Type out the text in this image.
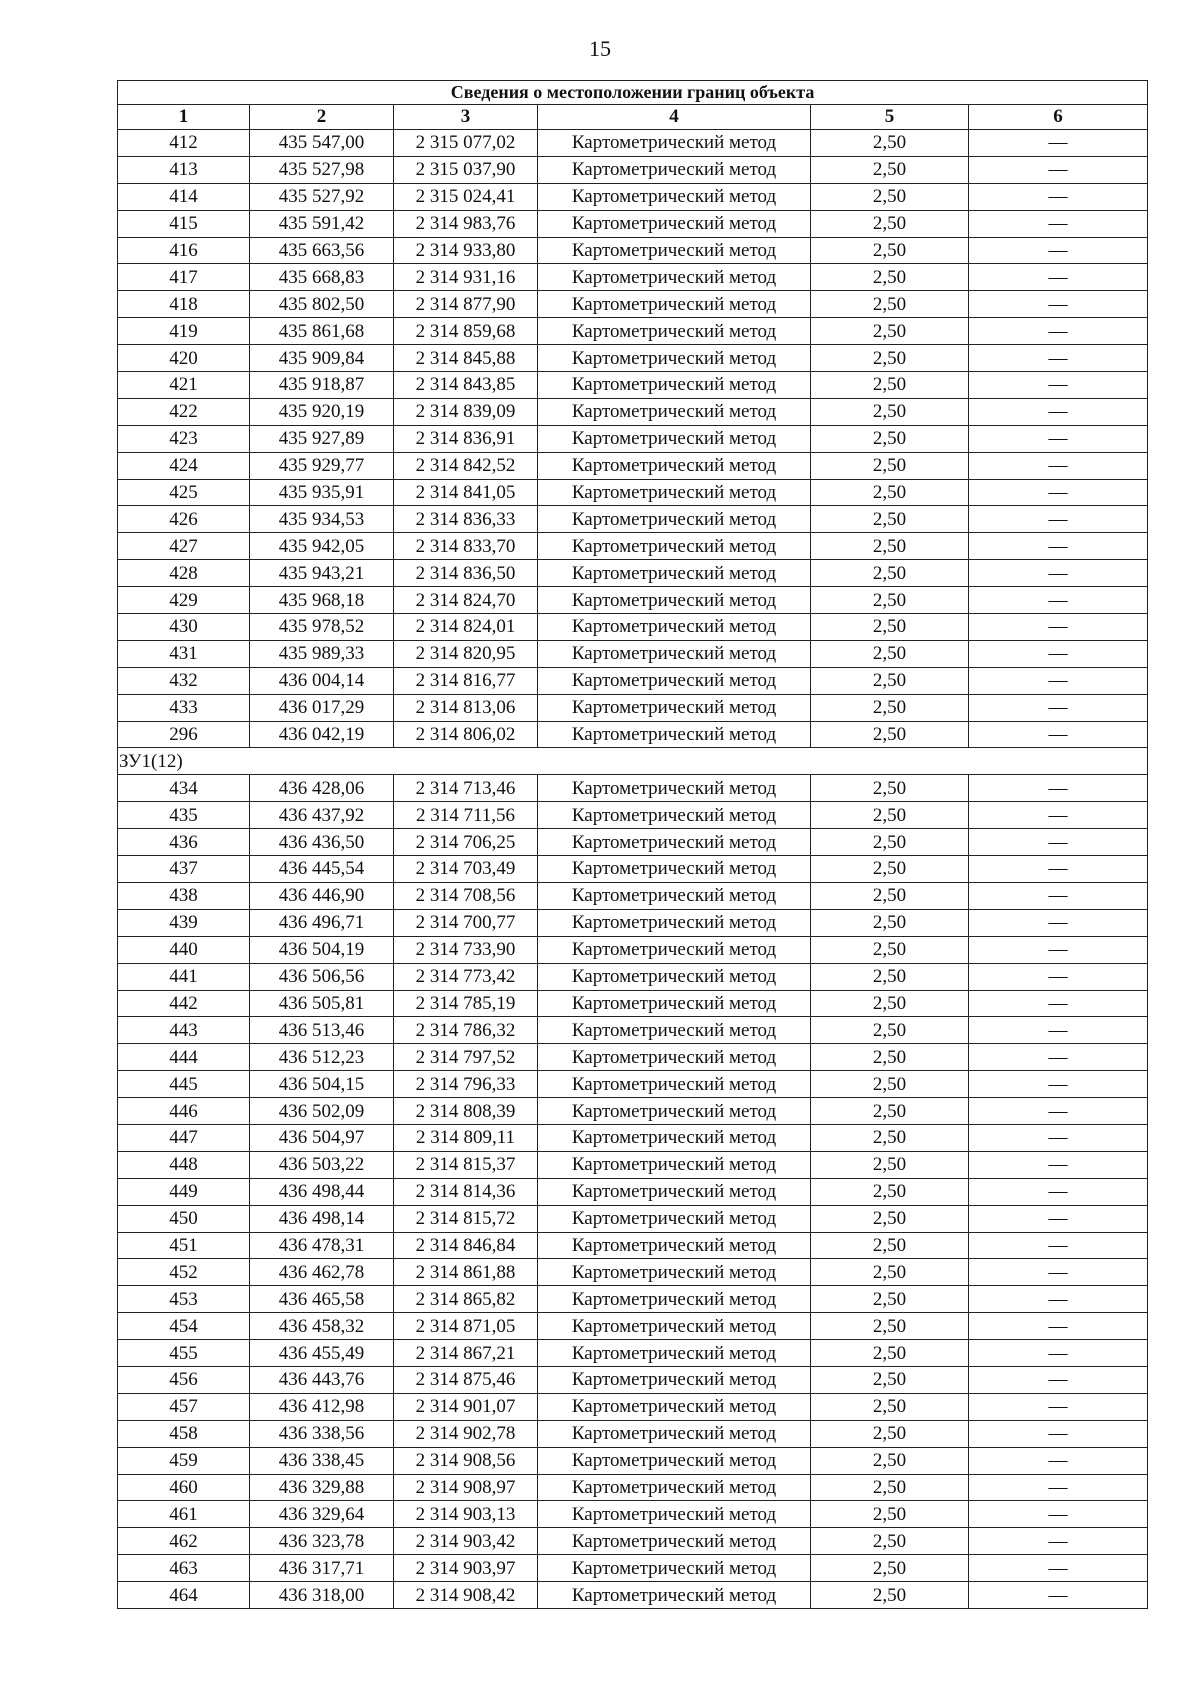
15
Сведения о местоположении границ объекта					
1	2	3	4	5	6
412	435 547,00	2 315 077,02	Картометрический метод	2,50	—
413	435 527,98	2 315 037,90	Картометрический метод	2,50	—
414	435 527,92	2 315 024,41	Картометрический метод	2,50	—
415	435 591,42	2 314 983,76	Картометрический метод	2,50	—
416	435 663,56	2 314 933,80	Картометрический метод	2,50	—
417	435 668,83	2 314 931,16	Картометрический метод	2,50	—
418	435 802,50	2 314 877,90	Картометрический метод	2,50	—
419	435 861,68	2 314 859,68	Картометрический метод	2,50	—
420	435 909,84	2 314 845,88	Картометрический метод	2,50	—
421	435 918,87	2 314 843,85	Картометрический метод	2,50	—
422	435 920,19	2 314 839,09	Картометрический метод	2,50	—
423	435 927,89	2 314 836,91	Картометрический метод	2,50	—
424	435 929,77	2 314 842,52	Картометрический метод	2,50	—
425	435 935,91	2 314 841,05	Картометрический метод	2,50	—
426	435 934,53	2 314 836,33	Картометрический метод	2,50	—
427	435 942,05	2 314 833,70	Картометрический метод	2,50	—
428	435 943,21	2 314 836,50	Картометрический метод	2,50	—
429	435 968,18	2 314 824,70	Картометрический метод	2,50	—
430	435 978,52	2 314 824,01	Картометрический метод	2,50	—
431	435 989,33	2 314 820,95	Картометрический метод	2,50	—
432	436 004,14	2 314 816,77	Картометрический метод	2,50	—
433	436 017,29	2 314 813,06	Картометрический метод	2,50	—
296	436 042,19	2 314 806,02	Картометрический метод	2,50	—
ЗУ1(12)					
434	436 428,06	2 314 713,46	Картометрический метод	2,50	—
435	436 437,92	2 314 711,56	Картометрический метод	2,50	—
436	436 436,50	2 314 706,25	Картометрический метод	2,50	—
437	436 445,54	2 314 703,49	Картометрический метод	2,50	—
438	436 446,90	2 314 708,56	Картометрический метод	2,50	—
439	436 496,71	2 314 700,77	Картометрический метод	2,50	—
440	436 504,19	2 314 733,90	Картометрический метод	2,50	—
441	436 506,56	2 314 773,42	Картометрический метод	2,50	—
442	436 505,81	2 314 785,19	Картометрический метод	2,50	—
443	436 513,46	2 314 786,32	Картометрический метод	2,50	—
444	436 512,23	2 314 797,52	Картометрический метод	2,50	—
445	436 504,15	2 314 796,33	Картометрический метод	2,50	—
446	436 502,09	2 314 808,39	Картометрический метод	2,50	—
447	436 504,97	2 314 809,11	Картометрический метод	2,50	—
448	436 503,22	2 314 815,37	Картометрический метод	2,50	—
449	436 498,44	2 314 814,36	Картометрический метод	2,50	—
450	436 498,14	2 314 815,72	Картометрический метод	2,50	—
451	436 478,31	2 314 846,84	Картометрический метод	2,50	—
452	436 462,78	2 314 861,88	Картометрический метод	2,50	—
453	436 465,58	2 314 865,82	Картометрический метод	2,50	—
454	436 458,32	2 314 871,05	Картометрический метод	2,50	—
455	436 455,49	2 314 867,21	Картометрический метод	2,50	—
456	436 443,76	2 314 875,46	Картометрический метод	2,50	—
457	436 412,98	2 314 901,07	Картометрический метод	2,50	—
458	436 338,56	2 314 902,78	Картометрический метод	2,50	—
459	436 338,45	2 314 908,56	Картометрический метод	2,50	—
460	436 329,88	2 314 908,97	Картометрический метод	2,50	—
461	436 329,64	2 314 903,13	Картометрический метод	2,50	—
462	436 323,78	2 314 903,42	Картометрический метод	2,50	—
463	436 317,71	2 314 903,97	Картометрический метод	2,50	—
464	436 318,00	2 314 908,42	Картометрический метод	2,50	—
